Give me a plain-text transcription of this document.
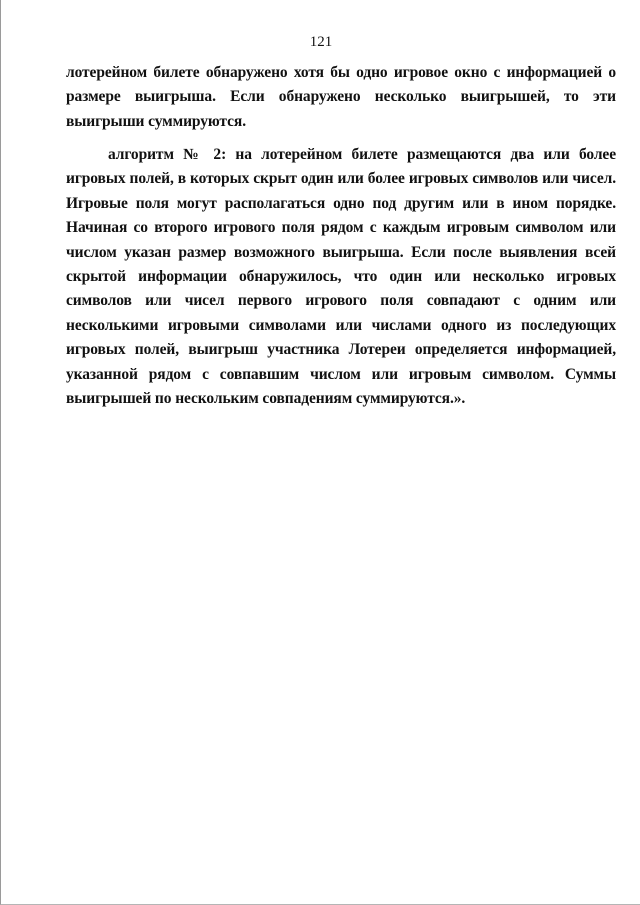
121
лотерейном билете обнаружено хотя бы одно игровое окно с информацией о размере выигрыша. Если обнаружено несколько выигрышей, то эти выигрыши суммируются.
алгоритм № 2: на лотерейном билете размещаются два или более игровых полей, в которых скрыт один или более игровых символов или чисел. Игровые поля могут располагаться одно под другим или в ином порядке. Начиная со второго игрового поля рядом с каждым игровым символом или числом указан размер возможного выигрыша. Если после выявления всей скрытой информации обнаружилось, что один или несколько игровых символов или чисел первого игрового поля совпадают с одним или несколькими игровыми символами или числами одного из последующих игровых полей, выигрыш участника Лотереи определяется информацией, указанной рядом с совпавшим числом или игровым символом. Суммы выигрышей по нескольким совпадениям суммируются.».
